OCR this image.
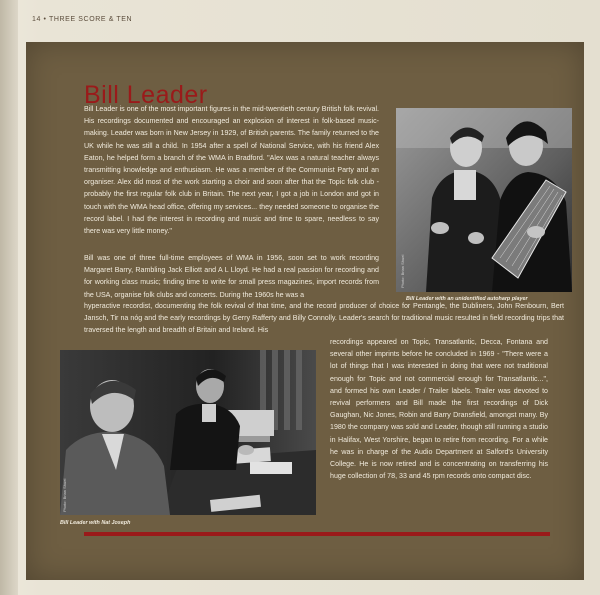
14 • THREE SCORE & TEN
Bill Leader

Bill Leader is one of the most important figures in the mid-twentieth century British folk revival. His recordings documented and encouraged an explosion of interest in folk-based music-making. Leader was born in New Jersey in 1929, of British parents. The family returned to the UK while he was still a child. In 1954 after a spell of National Service, with his friend Alex Eaton, he helped form a branch of the WMA in Bradford. "Alex was a natural teacher always transmitting knowledge and enthusiasm. He was a member of the Communist Party and an organiser. Alex did most of the work starting a choir and soon after that the Topic folk club - probably the first regular folk club in Britain. The next year, I got a job in London and got in touch with the WMA head office, offering my services... they needed someone to organise the record label. I had the interest in recording and music and time to spare, needless to say there was very little money."

Bill was one of three full-time employees of WMA in 1956, soon set to work recording Margaret Barry, Rambling Jack Elliott and A L Lloyd. He had a real passion for recording and for working class music; finding time to write for small press magazines, import records from the USA, organise folk clubs and concerts. During the 1960s he was a

hyperactive recordist, documenting the folk revival of that time, and the record producer of choice for Pentangle, the Dubliners, John Renbourn, Bert Jansch, Tir na nóg and the early recordings by Gerry Rafferty and Billy Connolly. Leader's search for traditional music resulted in field recording trips that traversed the length and breadth of Britain and Ireland. His

recordings appeared on Topic, Transatlantic, Decca, Fontana and several other imprints before he concluded in 1969 - "There were a lot of things that I was interested in doing that were not traditional enough for Topic and not commercial enough for Transatlantic...", and formed his own Leader / Trailer labels. Trailer was devoted to revival performers and Bill made the first recordings of Dick Gaughan, Nic Jones, Robin and Barry Dransfield, amongst many. By 1980 the company was sold and Leader, though still running a studio in Halifax, West Yorshire, began to retire from recording. For a while he was in charge of the Audio Department at Salford's University College. He is now retired and is concentrating on transferring his huge collection of 78, 33 and 45 rpm records onto compact disc.

Photo: Brian Shuel
Bill Leader with an unidentified autoharp player
Photo: Brian Shuel
Bill Leader with Nat Joseph
